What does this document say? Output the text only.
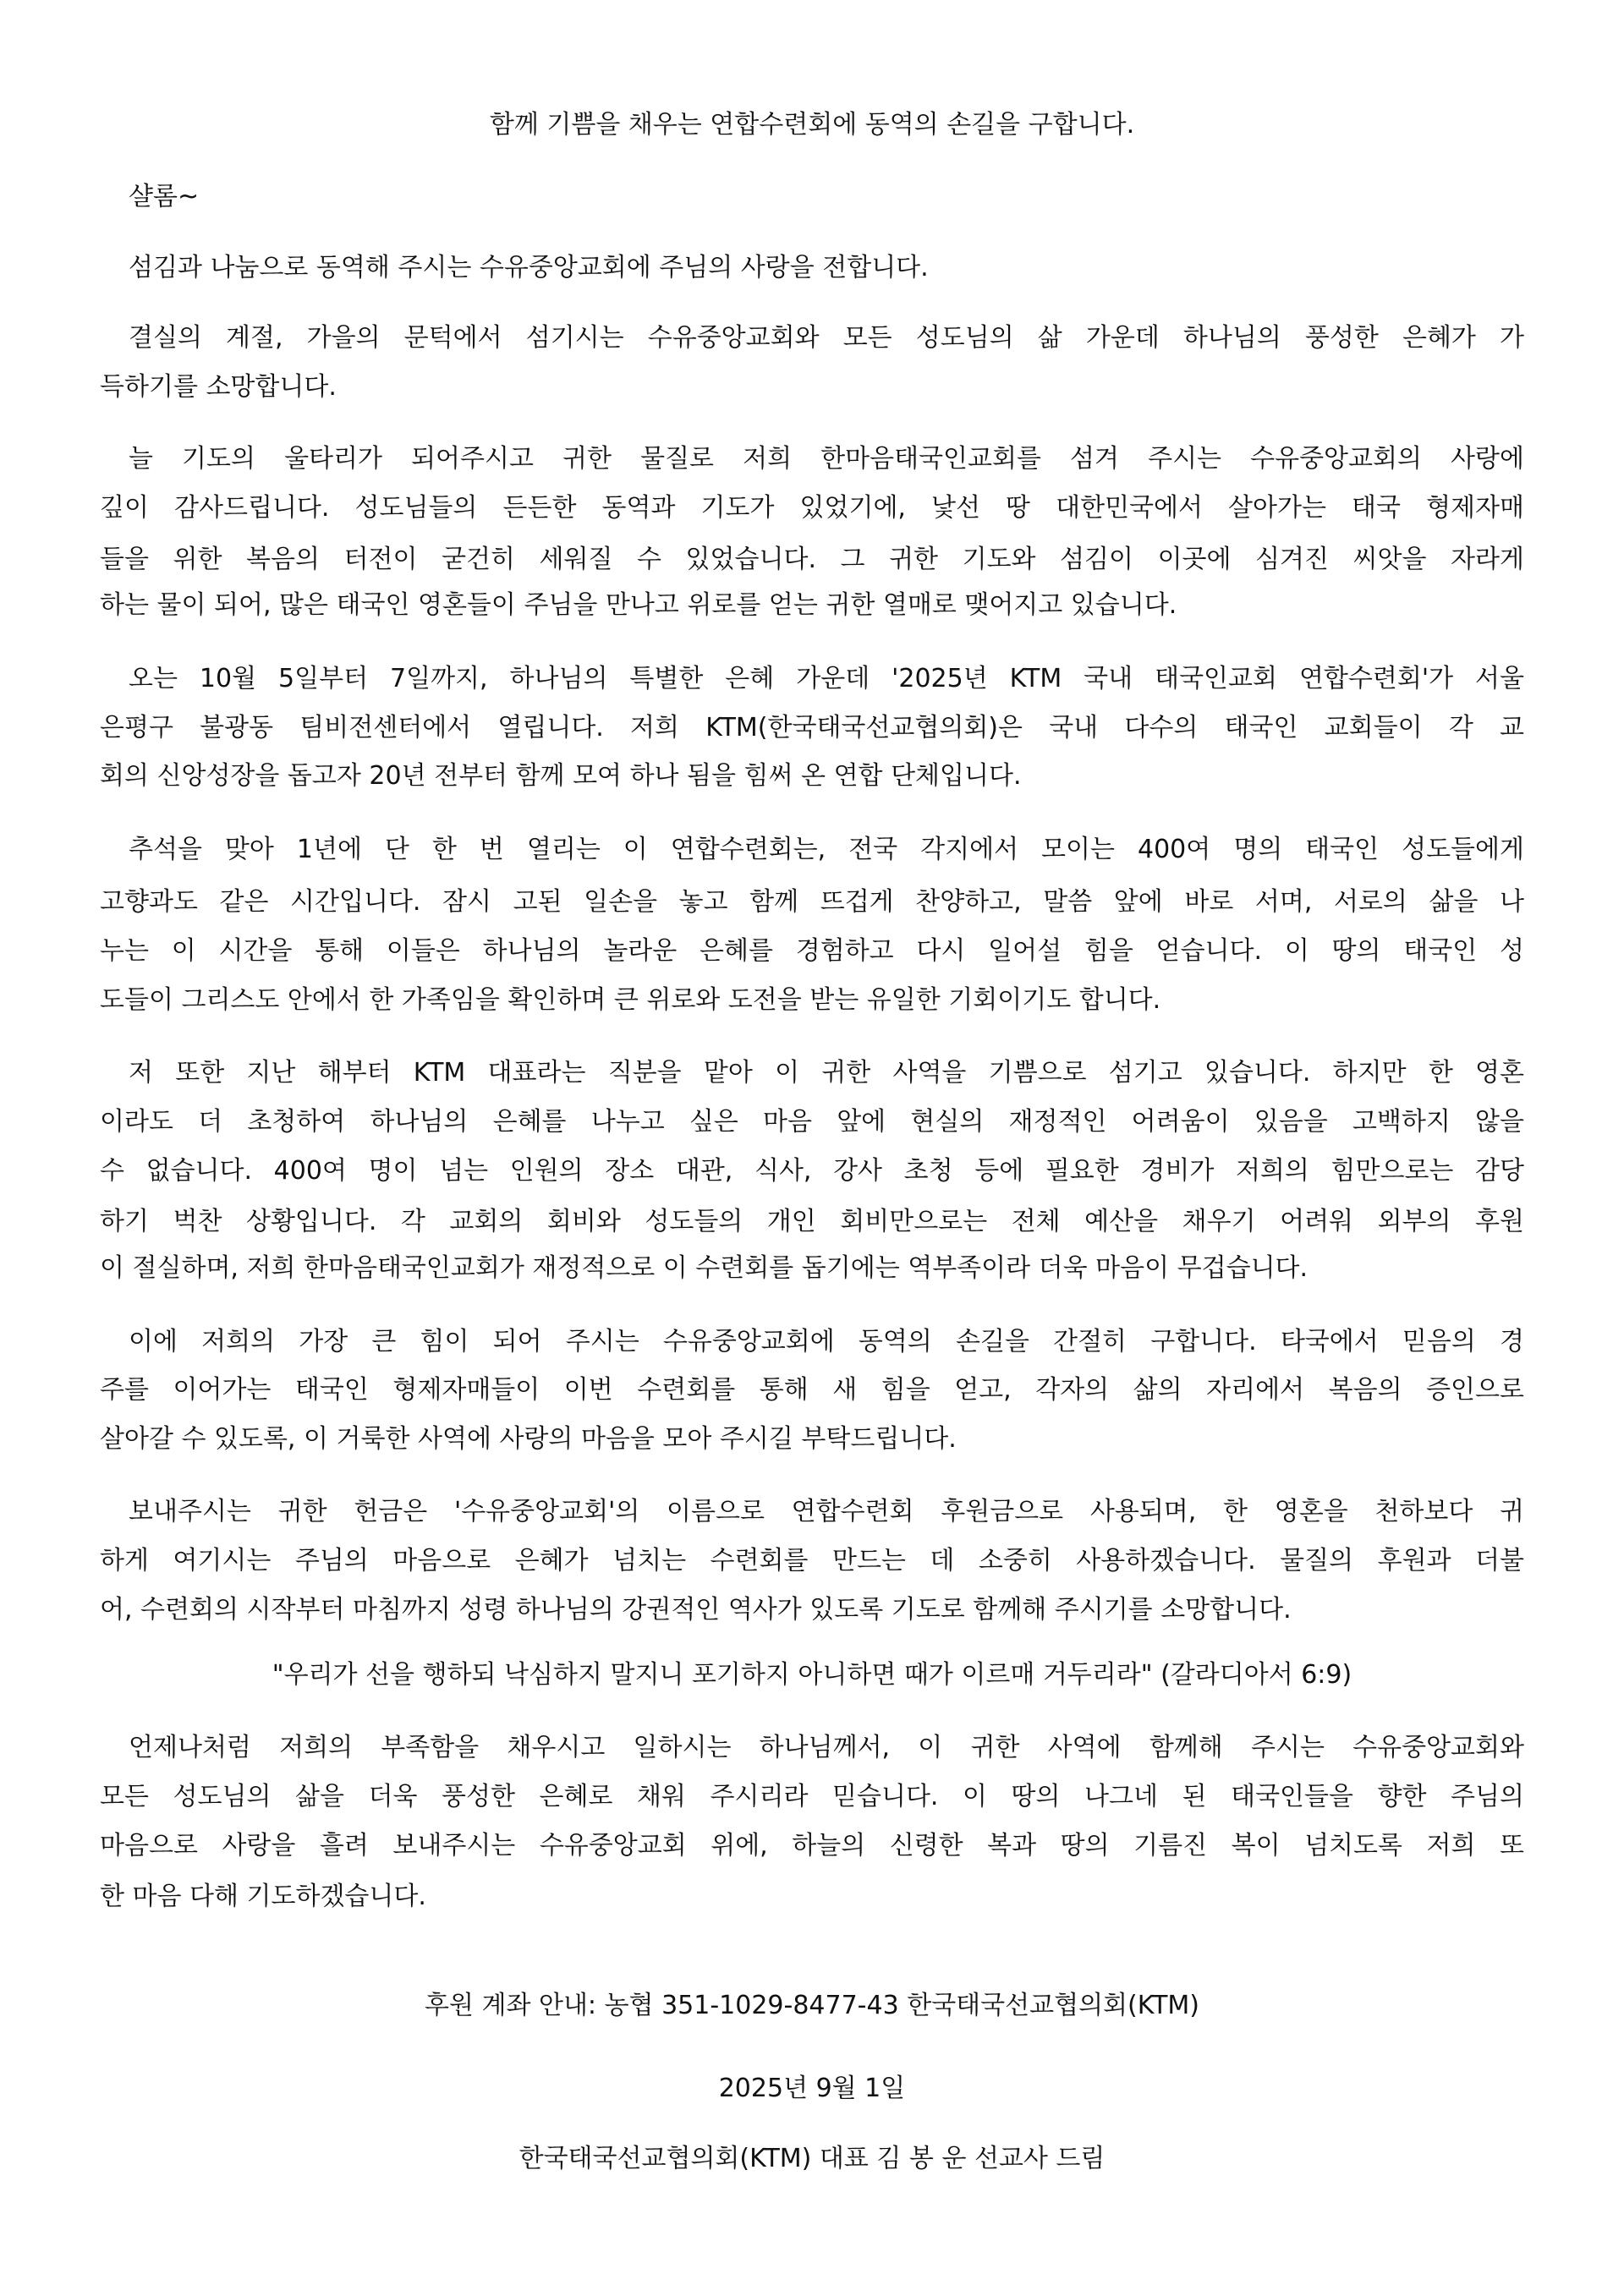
함께 기쁨을 채우는 연합수련회에 동역의 손길을 구합니다.
샬롬~
섬김과 나눔으로 동역해 주시는 수유중앙교회에 주님의 사랑을 전합니다.
결실의 계절, 가을의 문턱에서 섬기시는 수유중앙교회와 모든 성도님의 삶 가운데 하나님의 풍성한 은혜가 가
득하기를 소망합니다.
늘 기도의 울타리가 되어주시고 귀한 물질로 저희 한마음태국인교회를 섬겨 주시는 수유중앙교회의 사랑에
깊이 감사드립니다. 성도님들의 든든한 동역과 기도가 있었기에, 낯선 땅 대한민국에서 살아가는 태국 형제자매
들을 위한 복음의 터전이 굳건히 세워질 수 있었습니다. 그 귀한 기도와 섬김이 이곳에 심겨진 씨앗을 자라게
하는 물이 되어, 많은 태국인 영혼들이 주님을 만나고 위로를 얻는 귀한 열매로 맺어지고 있습니다.
오는 10월 5일부터 7일까지, 하나님의 특별한 은혜 가운데 '2025년 KTM 국내 태국인교회 연합수련회'가 서울
은평구 불광동 팀비전센터에서 열립니다. 저희 KTM(한국태국선교협의회)은 국내 다수의 태국인 교회들이 각 교
회의 신앙성장을 돕고자 20년 전부터 함께 모여 하나 됨을 힘써 온 연합 단체입니다.
추석을 맞아 1년에 단 한 번 열리는 이 연합수련회는, 전국 각지에서 모이는 400여 명의 태국인 성도들에게
고향과도 같은 시간입니다. 잠시 고된 일손을 놓고 함께 뜨겁게 찬양하고, 말씀 앞에 바로 서며, 서로의 삶을 나
누는 이 시간을 통해 이들은 하나님의 놀라운 은혜를 경험하고 다시 일어설 힘을 얻습니다. 이 땅의 태국인 성
도들이 그리스도 안에서 한 가족임을 확인하며 큰 위로와 도전을 받는 유일한 기회이기도 합니다.
저 또한 지난 해부터 KTM 대표라는 직분을 맡아 이 귀한 사역을 기쁨으로 섬기고 있습니다. 하지만 한 영혼
이라도 더 초청하여 하나님의 은혜를 나누고 싶은 마음 앞에 현실의 재정적인 어려움이 있음을 고백하지 않을
수 없습니다. 400여 명이 넘는 인원의 장소 대관, 식사, 강사 초청 등에 필요한 경비가 저희의 힘만으로는 감당
하기 벅찬 상황입니다. 각 교회의 회비와 성도들의 개인 회비만으로는 전체 예산을 채우기 어려워 외부의 후원
이 절실하며, 저희 한마음태국인교회가 재정적으로 이 수련회를 돕기에는 역부족이라 더욱 마음이 무겁습니다.
이에 저희의 가장 큰 힘이 되어 주시는 수유중앙교회에 동역의 손길을 간절히 구합니다. 타국에서 믿음의 경
주를 이어가는 태국인 형제자매들이 이번 수련회를 통해 새 힘을 얻고, 각자의 삶의 자리에서 복음의 증인으로
살아갈 수 있도록, 이 거룩한 사역에 사랑의 마음을 모아 주시길 부탁드립니다.
보내주시는 귀한 헌금은 '수유중앙교회'의 이름으로 연합수련회 후원금으로 사용되며, 한 영혼을 천하보다 귀
하게 여기시는 주님의 마음으로 은혜가 넘치는 수련회를 만드는 데 소중히 사용하겠습니다. 물질의 후원과 더불
어, 수련회의 시작부터 마침까지 성령 하나님의 강권적인 역사가 있도록 기도로 함께해 주시기를 소망합니다.
"우리가 선을 행하되 낙심하지 말지니 포기하지 아니하면 때가 이르매 거두리라" (갈라디아서 6:9)
언제나처럼 저희의 부족함을 채우시고 일하시는 하나님께서, 이 귀한 사역에 함께해 주시는 수유중앙교회와
모든 성도님의 삶을 더욱 풍성한 은혜로 채워 주시리라 믿습니다. 이 땅의 나그네 된 태국인들을 향한 주님의
마음으로 사랑을 흘려 보내주시는 수유중앙교회 위에, 하늘의 신령한 복과 땅의 기름진 복이 넘치도록 저희 또
한 마음 다해 기도하겠습니다.
후원 계좌 안내: 농협 351-1029-8477-43 한국태국선교협의회(KTM)
2025년 9월 1일
한국태국선교협의회(KTM) 대표 김 봉 운 선교사 드림
